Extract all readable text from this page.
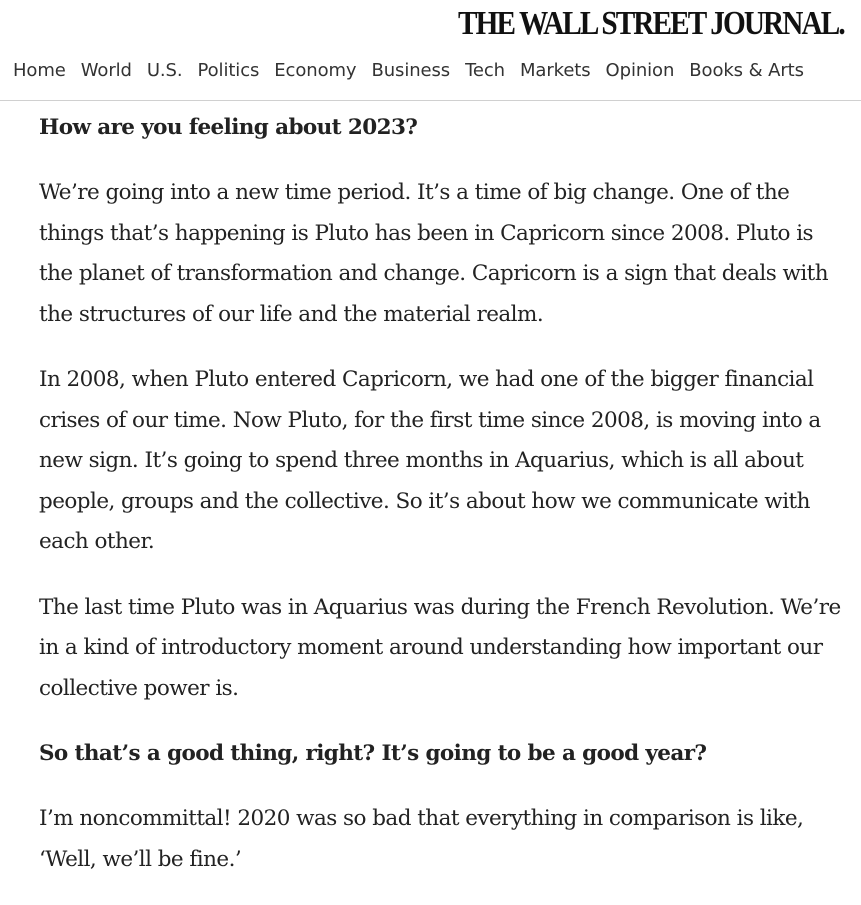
THE WALL STREET JOURNAL.
Home World U.S. Politics Economy Business Tech Markets Opinion Books & Arts

How are you feeling about 2023?

We’re going into a new time period. It’s a time of big change. One of the things that’s happening is Pluto has been in Capricorn since 2008. Pluto is the planet of transformation and change. Capricorn is a sign that deals with the structures of our life and the material realm.

In 2008, when Pluto entered Capricorn, we had one of the bigger financial crises of our time. Now Pluto, for the first time since 2008, is moving into a new sign. It’s going to spend three months in Aquarius, which is all about people, groups and the collective. So it’s about how we communicate with each other.

The last time Pluto was in Aquarius was during the French Revolution. We’re in a kind of introductory moment around understanding how important our collective power is.

So that’s a good thing, right? It’s going to be a good year?

I’m noncommittal! 2020 was so bad that everything in comparison is like, ‘Well, we’ll be fine.’
